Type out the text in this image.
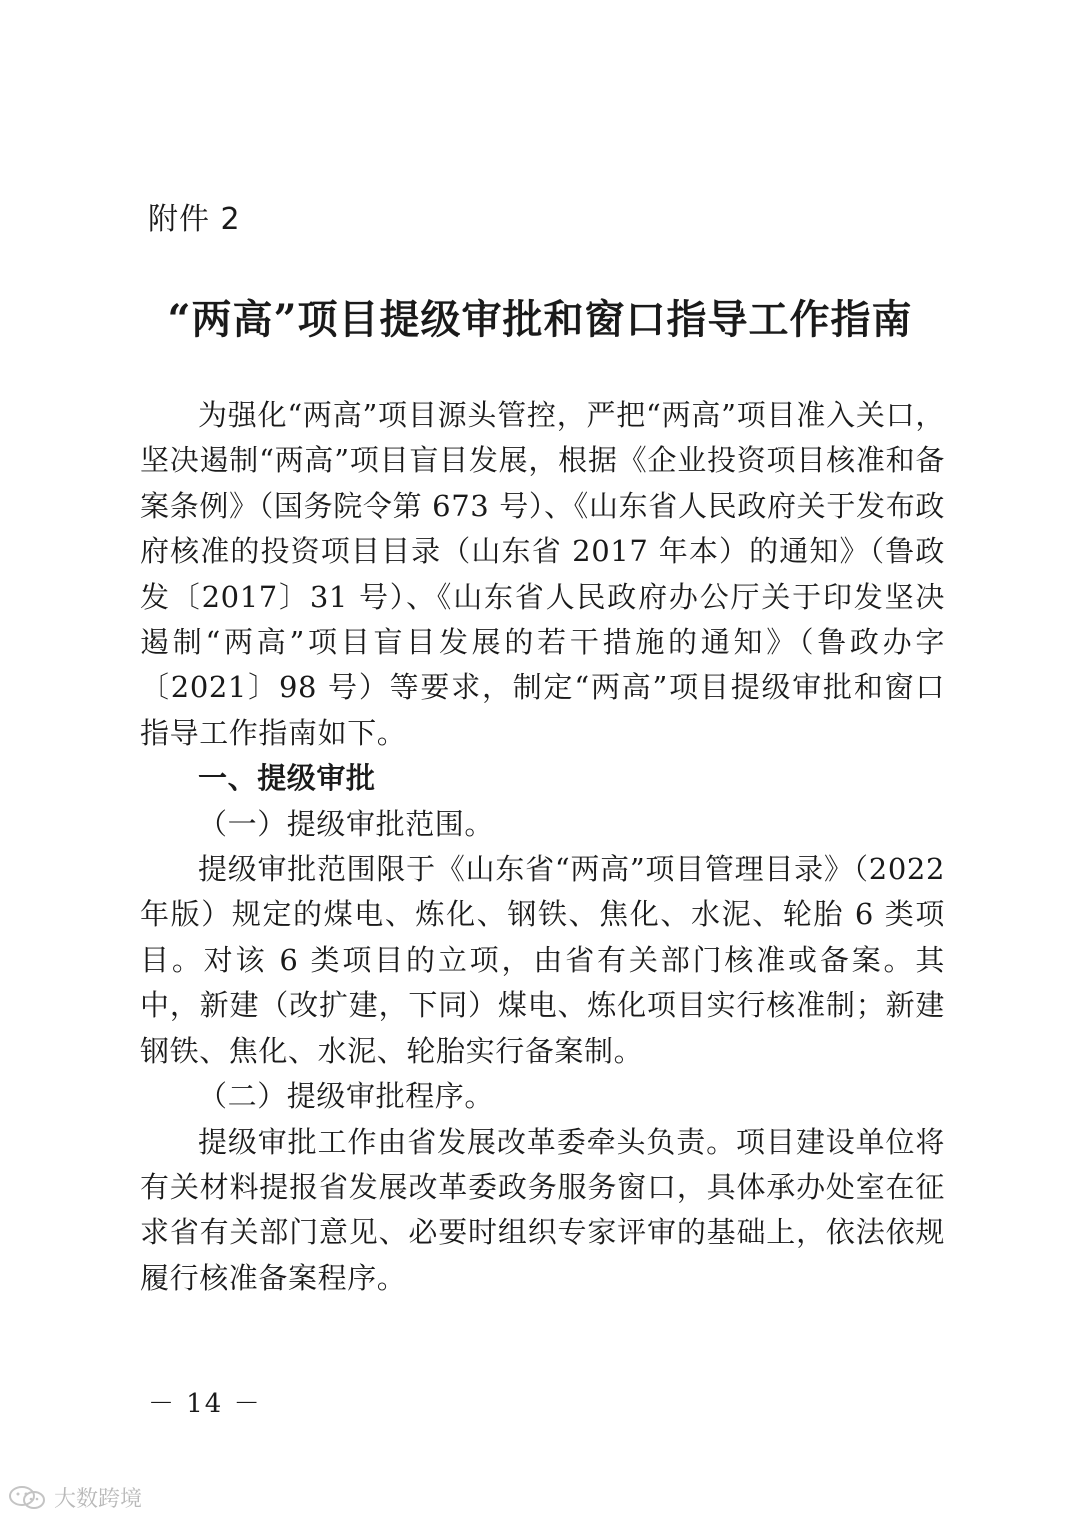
附件 2
“两高”项目提级审批和窗口指导工作指南

为强化“两高”项目源头管控，严把“两高”项目准入关口，坚决遏制“两高”项目盲目发展，根据《企业投资项目核准和备案条例》（国务院令第 673 号）、《山东省人民政府关于发布政府核准的投资项目目录（山东省 2017 年本）的通知》（鲁政发〔2017〕31 号）、《山东省人民政府办公厅关于印发坚决遏制“两高”项目盲目发展的若干措施的通知》（鲁政办字〔2021〕98 号）等要求，制定“两高”项目提级审批和窗口指导工作指南如下。

一、提级审批

（一）提级审批范围。

提级审批范围限于《山东省“两高”项目管理目录》（2022 年版）规定的煤电、炼化、钢铁、焦化、水泥、轮胎 6 类项目。对该 6 类项目的立项，由省有关部门核准或备案。其中，新建（改扩建，下同）煤电、炼化项目实行核准制；新建钢铁、焦化、水泥、轮胎实行备案制。

（二）提级审批程序。

提级审批工作由省发展改革委牵头负责。项目建设单位将有关材料提报省发展改革委政务服务窗口，具体承办处室在征求省有关部门意见、必要时组织专家评审的基础上，依法依规履行核准备案程序。

－ 14 －
大数跨境
